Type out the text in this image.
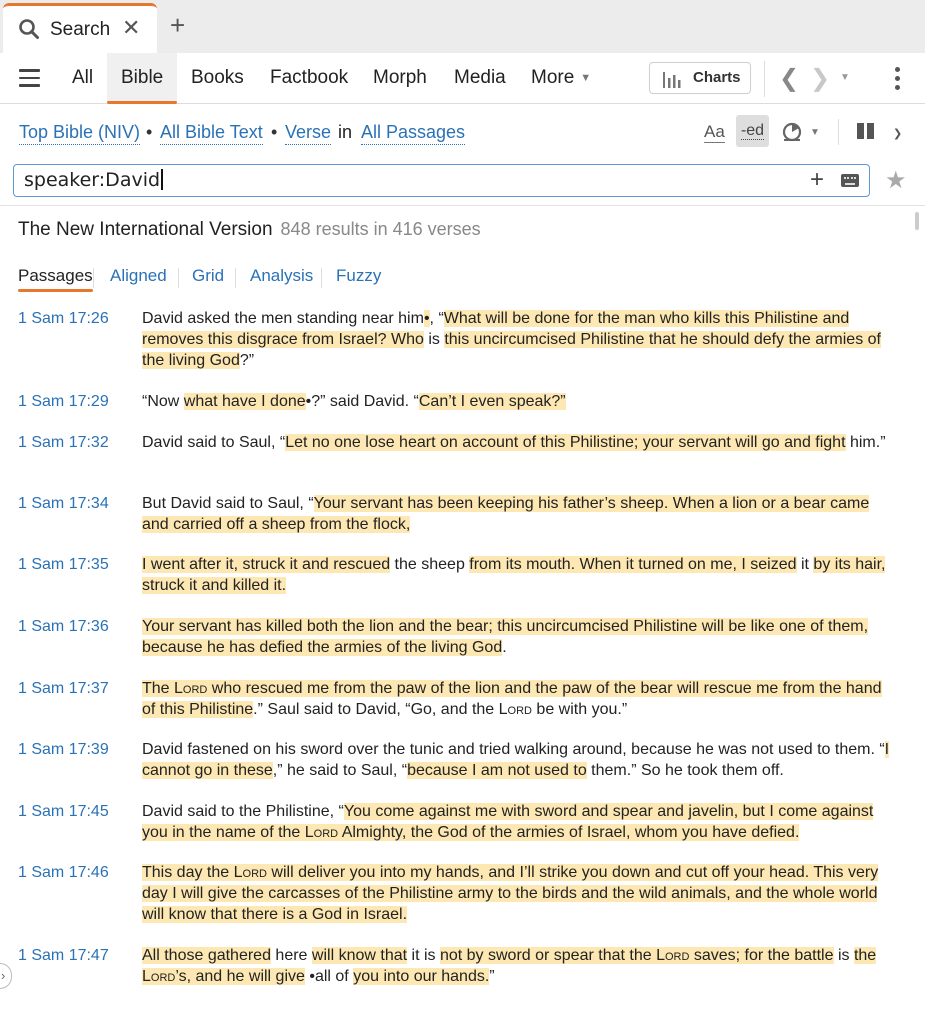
Search ✕ +
All	Bible	Books	Factbook	Morph	Media	More ▼	Charts ❮ ❯ ▼
Top Bible (NIV) • All Bible Text • Verse in All Passages	Aa	-ed	▼	❯
speaker:David	+	★
The New International Version 848 results in 416 verses
Passages Aligned Grid Analysis Fuzzy
1 Sam 17:26 David asked the men standing near him•, “What will be done for the man who kills this Philistine and removes this disgrace from Israel? Who is this uncircumcised Philistine that he should defy the armies of the living God?”
1 Sam 17:29 “Now what have I done•?” said David. “Can’t I even speak?”
1 Sam 17:32 David said to Saul, “Let no one lose heart on account of this Philistine; your servant will go and fight him.”
1 Sam 17:34 But David said to Saul, “Your servant has been keeping his father’s sheep. When a lion or a bear came and carried off a sheep from the flock,
1 Sam 17:35 I went after it, struck it and rescued the sheep from its mouth. When it turned on me, I seized it by its hair, struck it and killed it.
1 Sam 17:36 Your servant has killed both the lion and the bear; this uncircumcised Philistine will be like one of them, because he has defied the armies of the living God.
1 Sam 17:37 The Lord who rescued me from the paw of the lion and the paw of the bear will rescue me from the hand of this Philistine.” Saul said to David, “Go, and the Lord be with you.”
1 Sam 17:39 David fastened on his sword over the tunic and tried walking around, because he was not used to them. “I cannot go in these,” he said to Saul, “because I am not used to them.” So he took them off.
1 Sam 17:45 David said to the Philistine, “You come against me with sword and spear and javelin, but I come against you in the name of the Lord Almighty, the God of the armies of Israel, whom you have defied.
1 Sam 17:46 This day the Lord will deliver you into my hands, and I’ll strike you down and cut off your head. This very day I will give the carcasses of the Philistine army to the birds and the wild animals, and the whole world will know that there is a God in Israel.
1 Sam 17:47 All those gathered here will know that it is not by sword or spear that the Lord saves; for the battle is the Lord’s, and he will give •all of you into our hands.”
›
